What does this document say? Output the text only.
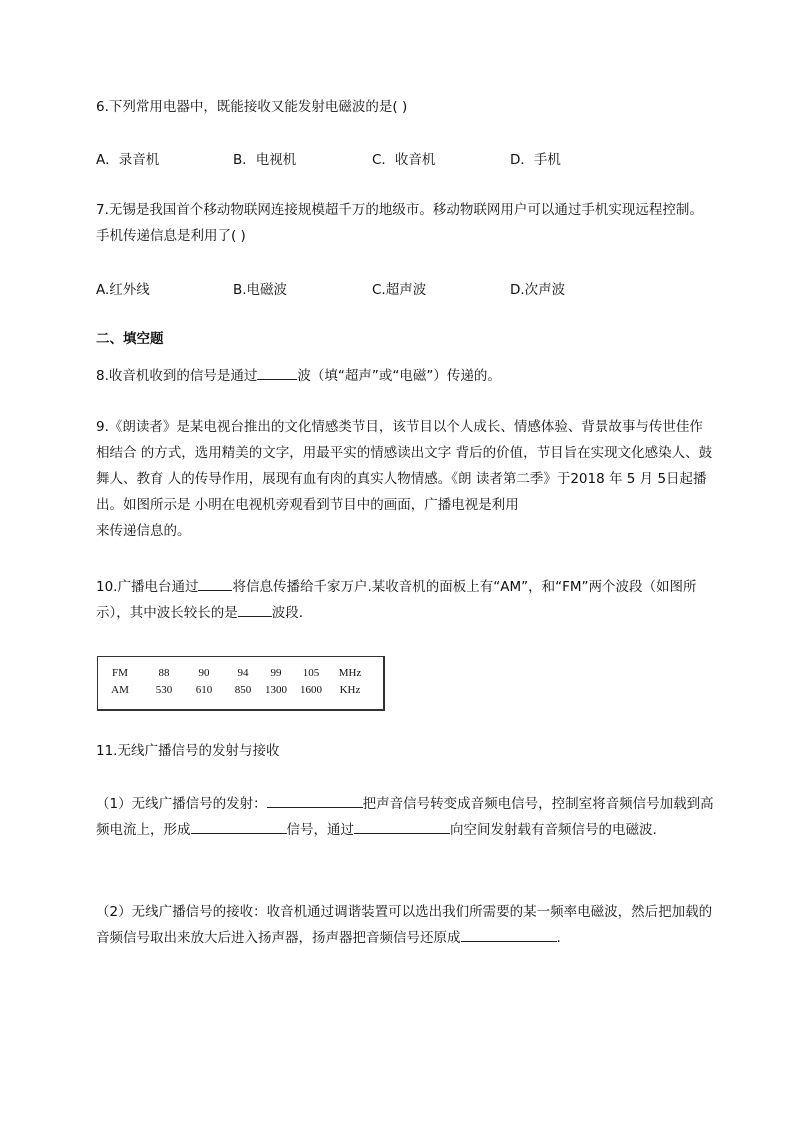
6.下列常用电器中，既能接收又能发射电磁波的是( )
A．录音机	B．电视机	C．收音机	D．手机
7.无锡是我国首个移动物联网连接规模超千万的地级市。移动物联网用户可以通过手机实现远程控制。手机传递信息是利用了( )
A.红外线	B.电磁波	C.超声波	D.次声波
二、填空题
8.收音机收到的信号是通过	波（填“超声”或“电磁”）传递的。
9.《朗读者》是某电视台推出的文化情感类节目，该节目以个人成长、情感体验、背景故事与传世佳作相结合 的方式，选用精美的文字，用最平实的情感读出文字 背后的价值，节目旨在实现文化感染人、鼓舞人、教育 人的传导作用，展现有血有肉的真实人物情感。《朗 读者第二季》于2018 年 5 月 5日起播出。如图所示是 小明在电视机旁观看到节目中的画面，广播电视是利用
来传递信息的。
10.广播电台通过	将信息传播给千家万户.某收音机的面板上有“AM”，和“FM”两个波段（如图所示），其中波长较长的是	波段.
FM	88	90	94	99	105	MHz
AM	530	610	850	1300	1600	KHz
11.无线广播信号的发射与接收
（1）无线广播信号的发射：	把声音信号转变成音频电信号，控制室将音频信号加载到高频电流上，形成	信号，通过	向空间发射载有音频信号的电磁波.
（2）无线广播信号的接收：收音机通过调谐装置可以选出我们所需要的某一频率电磁波，然后把加载的音频信号取出来放大后进入扬声器，扬声器把音频信号还原成	.
